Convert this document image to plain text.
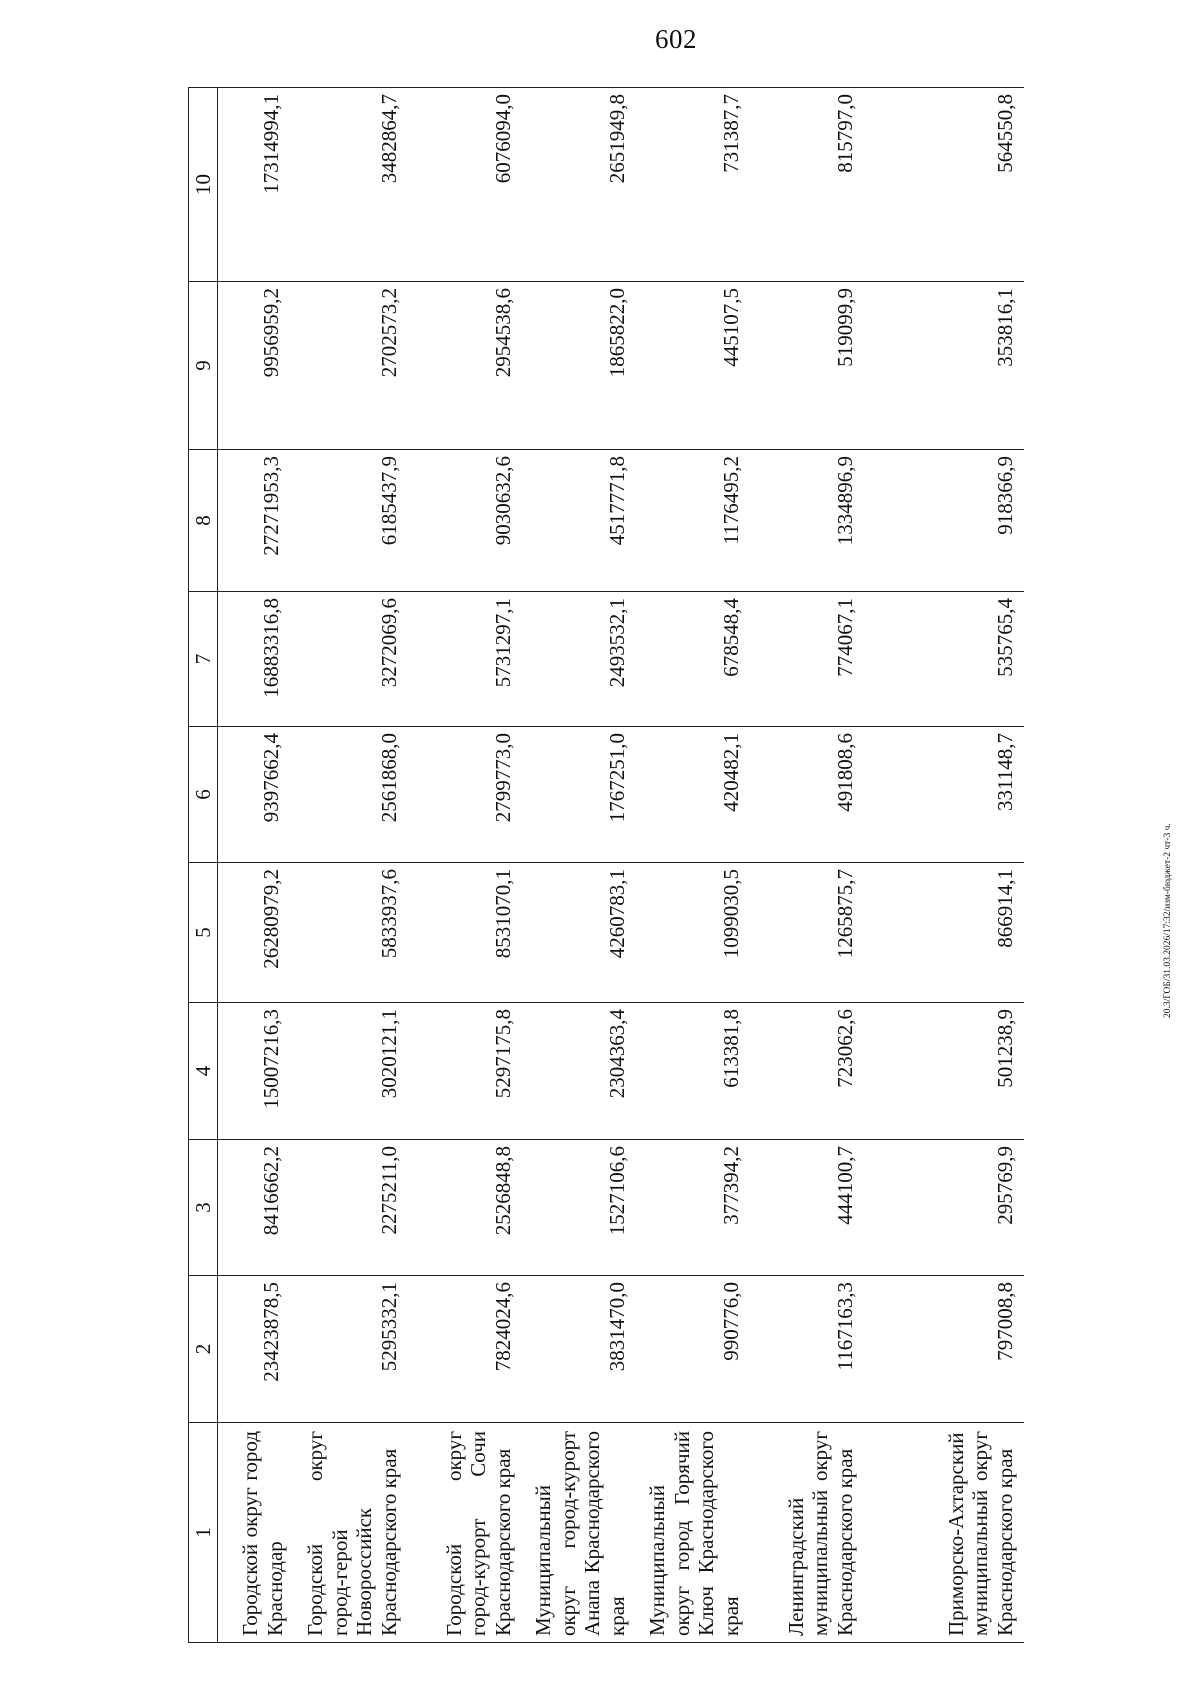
602
20.3/ГОБ/31.03.2026/17:32/изм-бюджет-2 чт-3 ч.
1	2	3	4	5	6	7	8	9	10
Городской округ город Краснодар	23423878,5	8416662,2	15007216,3	26280979,2	9397662,4	16883316,8	27271953,3	9956959,2	17314994,1
Городской округ город-герой Новороссийск Краснодарского края	5295332,1	2275211,0	3020121,1	5833937,6	2561868,0	3272069,6	6185437,9	2702573,2	3482864,7
Городской округ город-курорт Сочи Краснодарского края	7824024,6	2526848,8	5297175,8	8531070,1	2799773,0	5731297,1	9030632,6	2954538,6	6076094,0
Муниципальный округ город-курорт Анапа Краснодарского края	3831470,0	1527106,6	2304363,4	4260783,1	1767251,0	2493532,1	4517771,8	1865822,0	2651949,8
Муниципальный округ город Горячий Ключ Краснодарского края	990776,0	377394,2	613381,8	1099030,5	420482,1	678548,4	1176495,2	445107,5	731387,7
Ленинградский муниципальный округ Краснодарского края	1167163,3	444100,7	723062,6	1265875,7	491808,6	774067,1	1334896,9	519099,9	815797,0
Приморско-Ахтарский муниципальный округ Краснодарского края	797008,8	295769,9	501238,9	866914,1	331148,7	535765,4	918366,9	353816,1	564550,8
